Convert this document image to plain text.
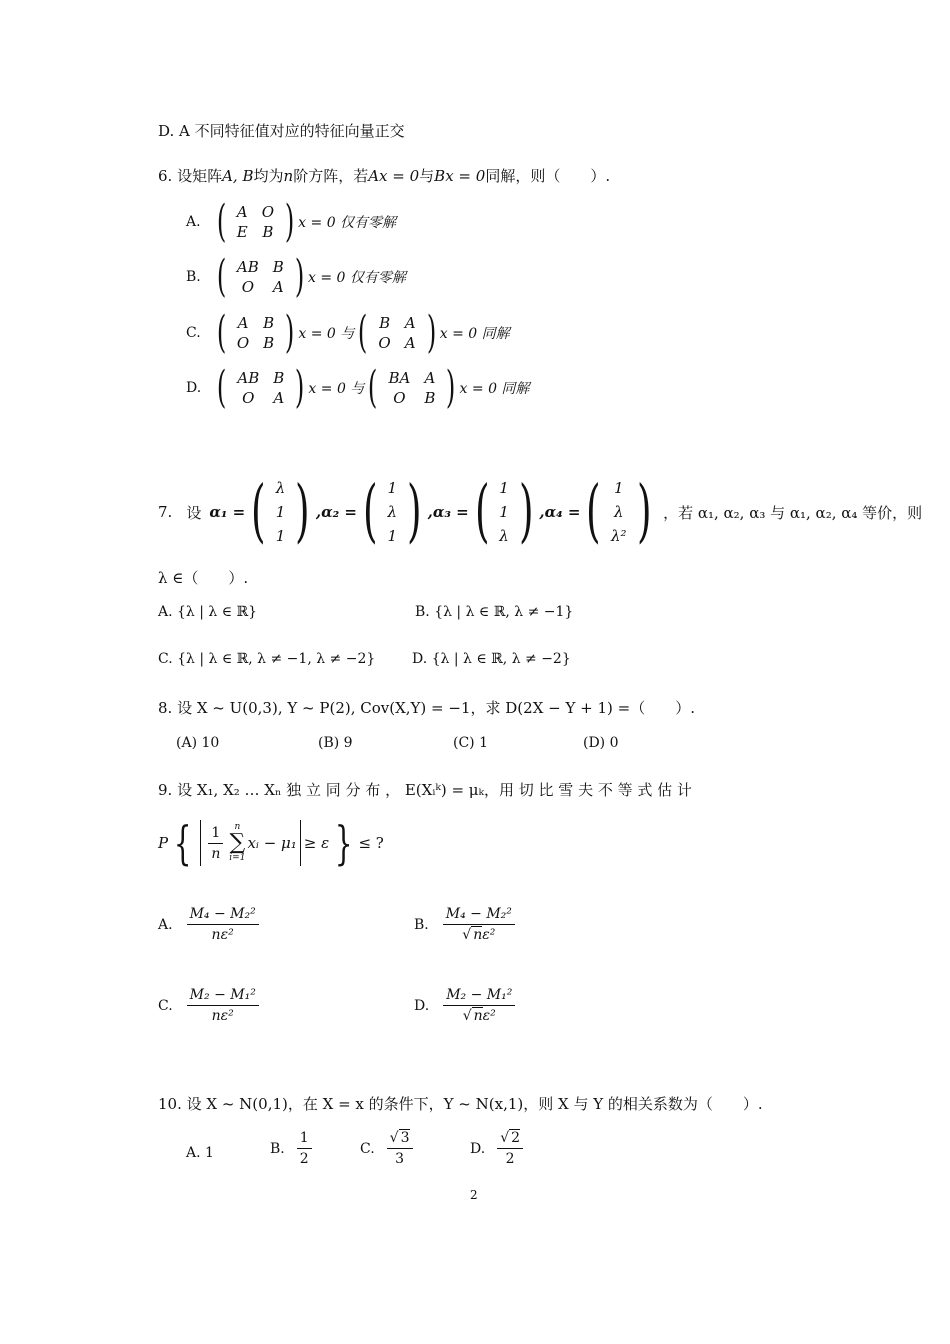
D. A 不同特征值对应的特征向量正交
6. 设矩阵A, B均为n阶方阵，若Ax = 0与Bx = 0同解，则（　　）.
A. ( A	O
E	B ) x = 0 仅有零解
B. ( AB	B
O	A ) x = 0 仅有零解
C. ( A	B
O	B ) x = 0 与 ( B	A
O	A ) x = 0 同解
D. ( AB	B
O	A ) x = 0 与 ( BA	A
O	B ) x = 0 同解
7. 设 α₁ = ( λ
1
1 ) ,α₂ = ( 1
λ
1 ) ,α₃ = ( 1
1
λ ) ,α₄ = ( 1
λ
λ² ) ，若 α₁, α₂, α₃ 与 α₁, α₂, α₄ 等价，则
λ ∈（　　）.
A. {λ | λ ∈ ℝ}	B. {λ | λ ∈ ℝ, λ ≠ −1}
C. {λ | λ ∈ ℝ, λ ≠ −1, λ ≠ −2}	D. {λ | λ ∈ ℝ, λ ≠ −2}
8. 设 X ~ U(0,3), Y ~ P(2), Cov(X,Y) = −1，求 D(2X − Y + 1) =（　　）.
(A) 10	(B) 9	(C) 1	(D) 0
9. 设 X₁, X₂ … Xₙ 独 立 同 分 布 ， E(Xᵢᵏ) = μₖ，用 切 比 雪 夫 不 等 式 估 计
P { $\frac{1}{n}$ n
∑
i=1
xᵢ − μ₁ ≥ ε } ≤ ?
A. $\frac{\text{M₄ − M₂²}}{\text{nε²}}$	B. $\frac{\text{M₄ − M₂²}}{\text{√ nε²}}$
C. $\frac{\text{M₂ − M₁²}}{\text{nε²}}$	D. $\frac{\text{M₂ − M₁²}}{\text{√ nε²}}$
10. 设 X ~ N(0,1)，在 X = x 的条件下，Y ~ N(x,1)，则 X 与 Y 的相关系数为（　　）.
A. 1	B. $\frac{1}{2}$	C. $\frac{√ 3}{3}$	D. $\frac{√ 2}{2}$
2
